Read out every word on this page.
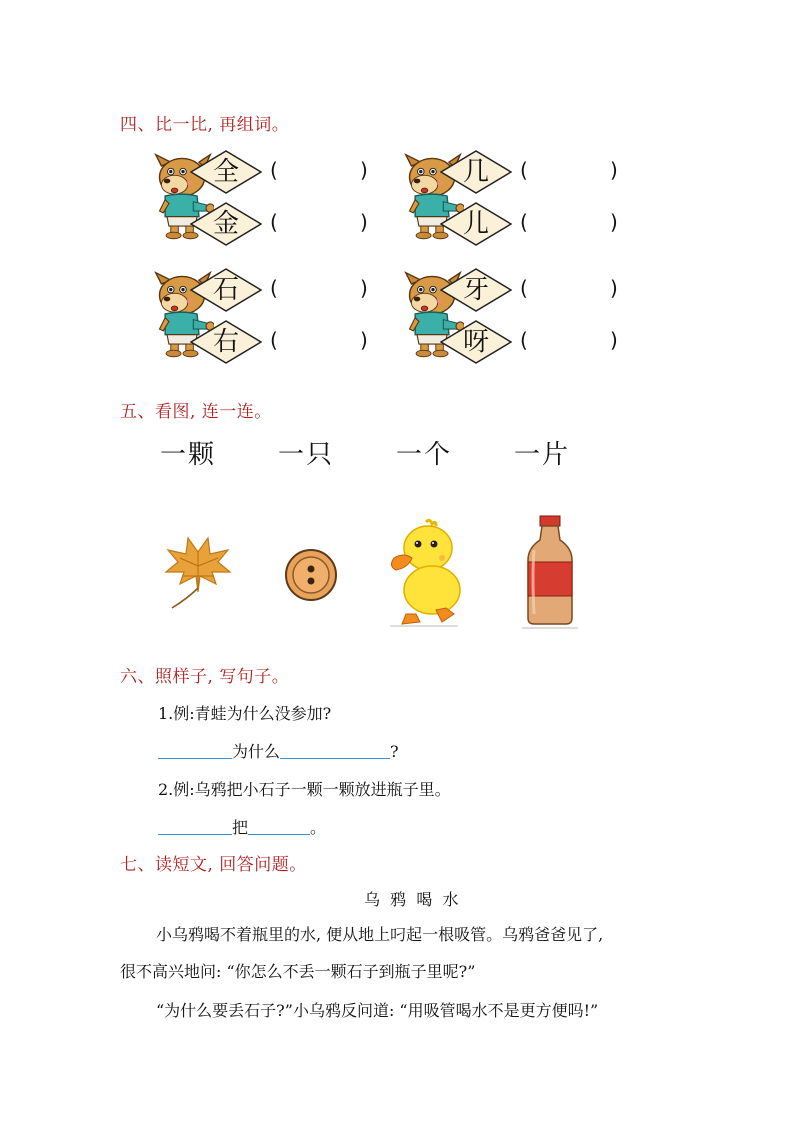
四、比一比, 再组词。
全
金
(	)
(	)
几
儿
(	)
(	)
石
右
(	)
(	)
牙
呀
(	)
(	)
五、看图, 连一连。
一颗 一只 一个 一片
六、照样子, 写句子。
1.例:青蛙为什么没参加?
为什么	?
2.例:乌鸦把小石子一颗一颗放进瓶子里。
把	。
七、读短文, 回答问题。
乌  鸦  喝  水
小乌鸦喝不着瓶里的水, 便从地上叼起一根吸管。乌鸦爸爸见了,
很不高兴地问: “你怎么不丢一颗石子到瓶子里呢?”
“为什么要丢石子?”小乌鸦反问道: “用吸管喝水不是更方便吗!”
